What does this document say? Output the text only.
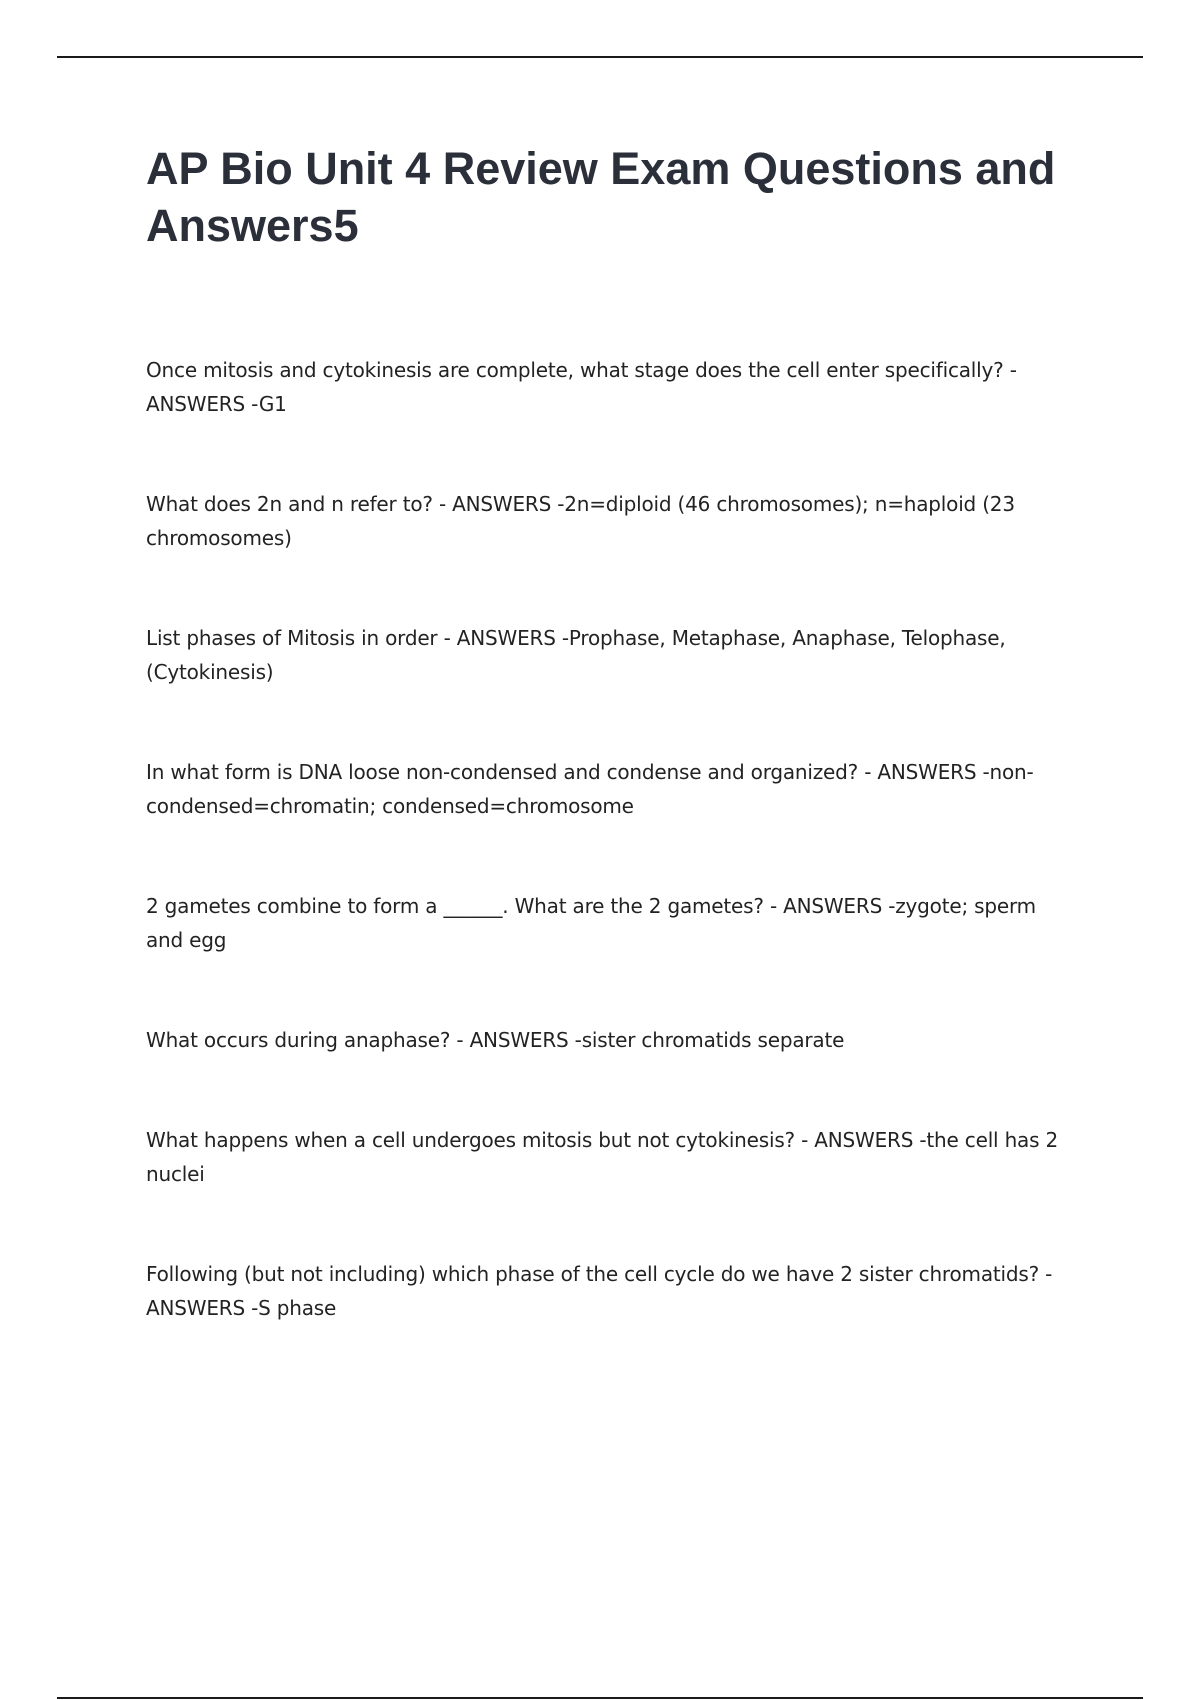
AP Bio Unit 4 Review Exam Questions and Answers5
Once mitosis and cytokinesis are complete, what stage does the cell enter specifically? - ANSWERS -G1
What does 2n and n refer to? - ANSWERS -2n=diploid (46 chromosomes); n=haploid (23 chromosomes)
List phases of Mitosis in order - ANSWERS -Prophase, Metaphase, Anaphase, Telophase, (Cytokinesis)
In what form is DNA loose non-condensed and condense and organized? - ANSWERS -non-condensed=chromatin; condensed=chromosome
2 gametes combine to form a ______. What are the 2 gametes? - ANSWERS -zygote; sperm and egg
What occurs during anaphase? - ANSWERS -sister chromatids separate
What happens when a cell undergoes mitosis but not cytokinesis? - ANSWERS -the cell has 2 nuclei
Following (but not including) which phase of the cell cycle do we have 2 sister chromatids? - ANSWERS -S phase
